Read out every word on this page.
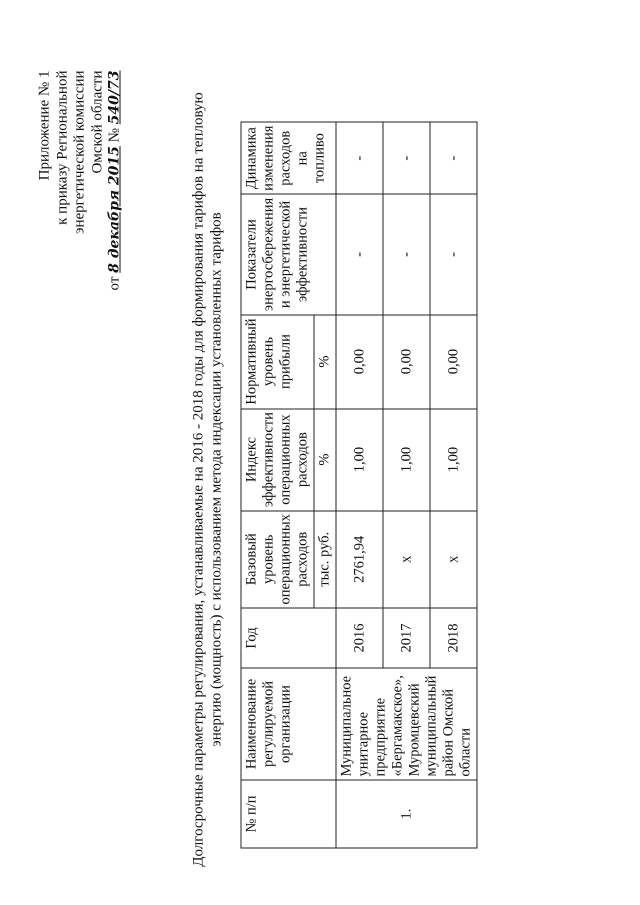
Приложение № 1 к приказу Региональной энергетической комиссии Омской области
от 8 декабря 2015 № 540/73	Долгосрочные параметры регулирования, устанавливаемые на 2016 - 2018 годы для формирования тарифов на тепловую энергию (мощность) с использованием метода индексации установленных тарифов
№ п/п	Наименование регулируемой организации	Год	Базовый уровень операционных расходов	Индекс эффективности операционных расходов	Нормативный уровень прибыли	Показатели энергосбережения и энергетической эффективности	Динамика изменения расходов на топливо
			тыс. руб.	%	%		
1.	Муниципальное унитарное предприятие «Бергамакское», Муромцевский муниципальный район Омской области	2016	2761,94	1,00	0,00	-	-
		2017	х	1,00	0,00	-	-
		2018	х	1,00	0,00	-	-
